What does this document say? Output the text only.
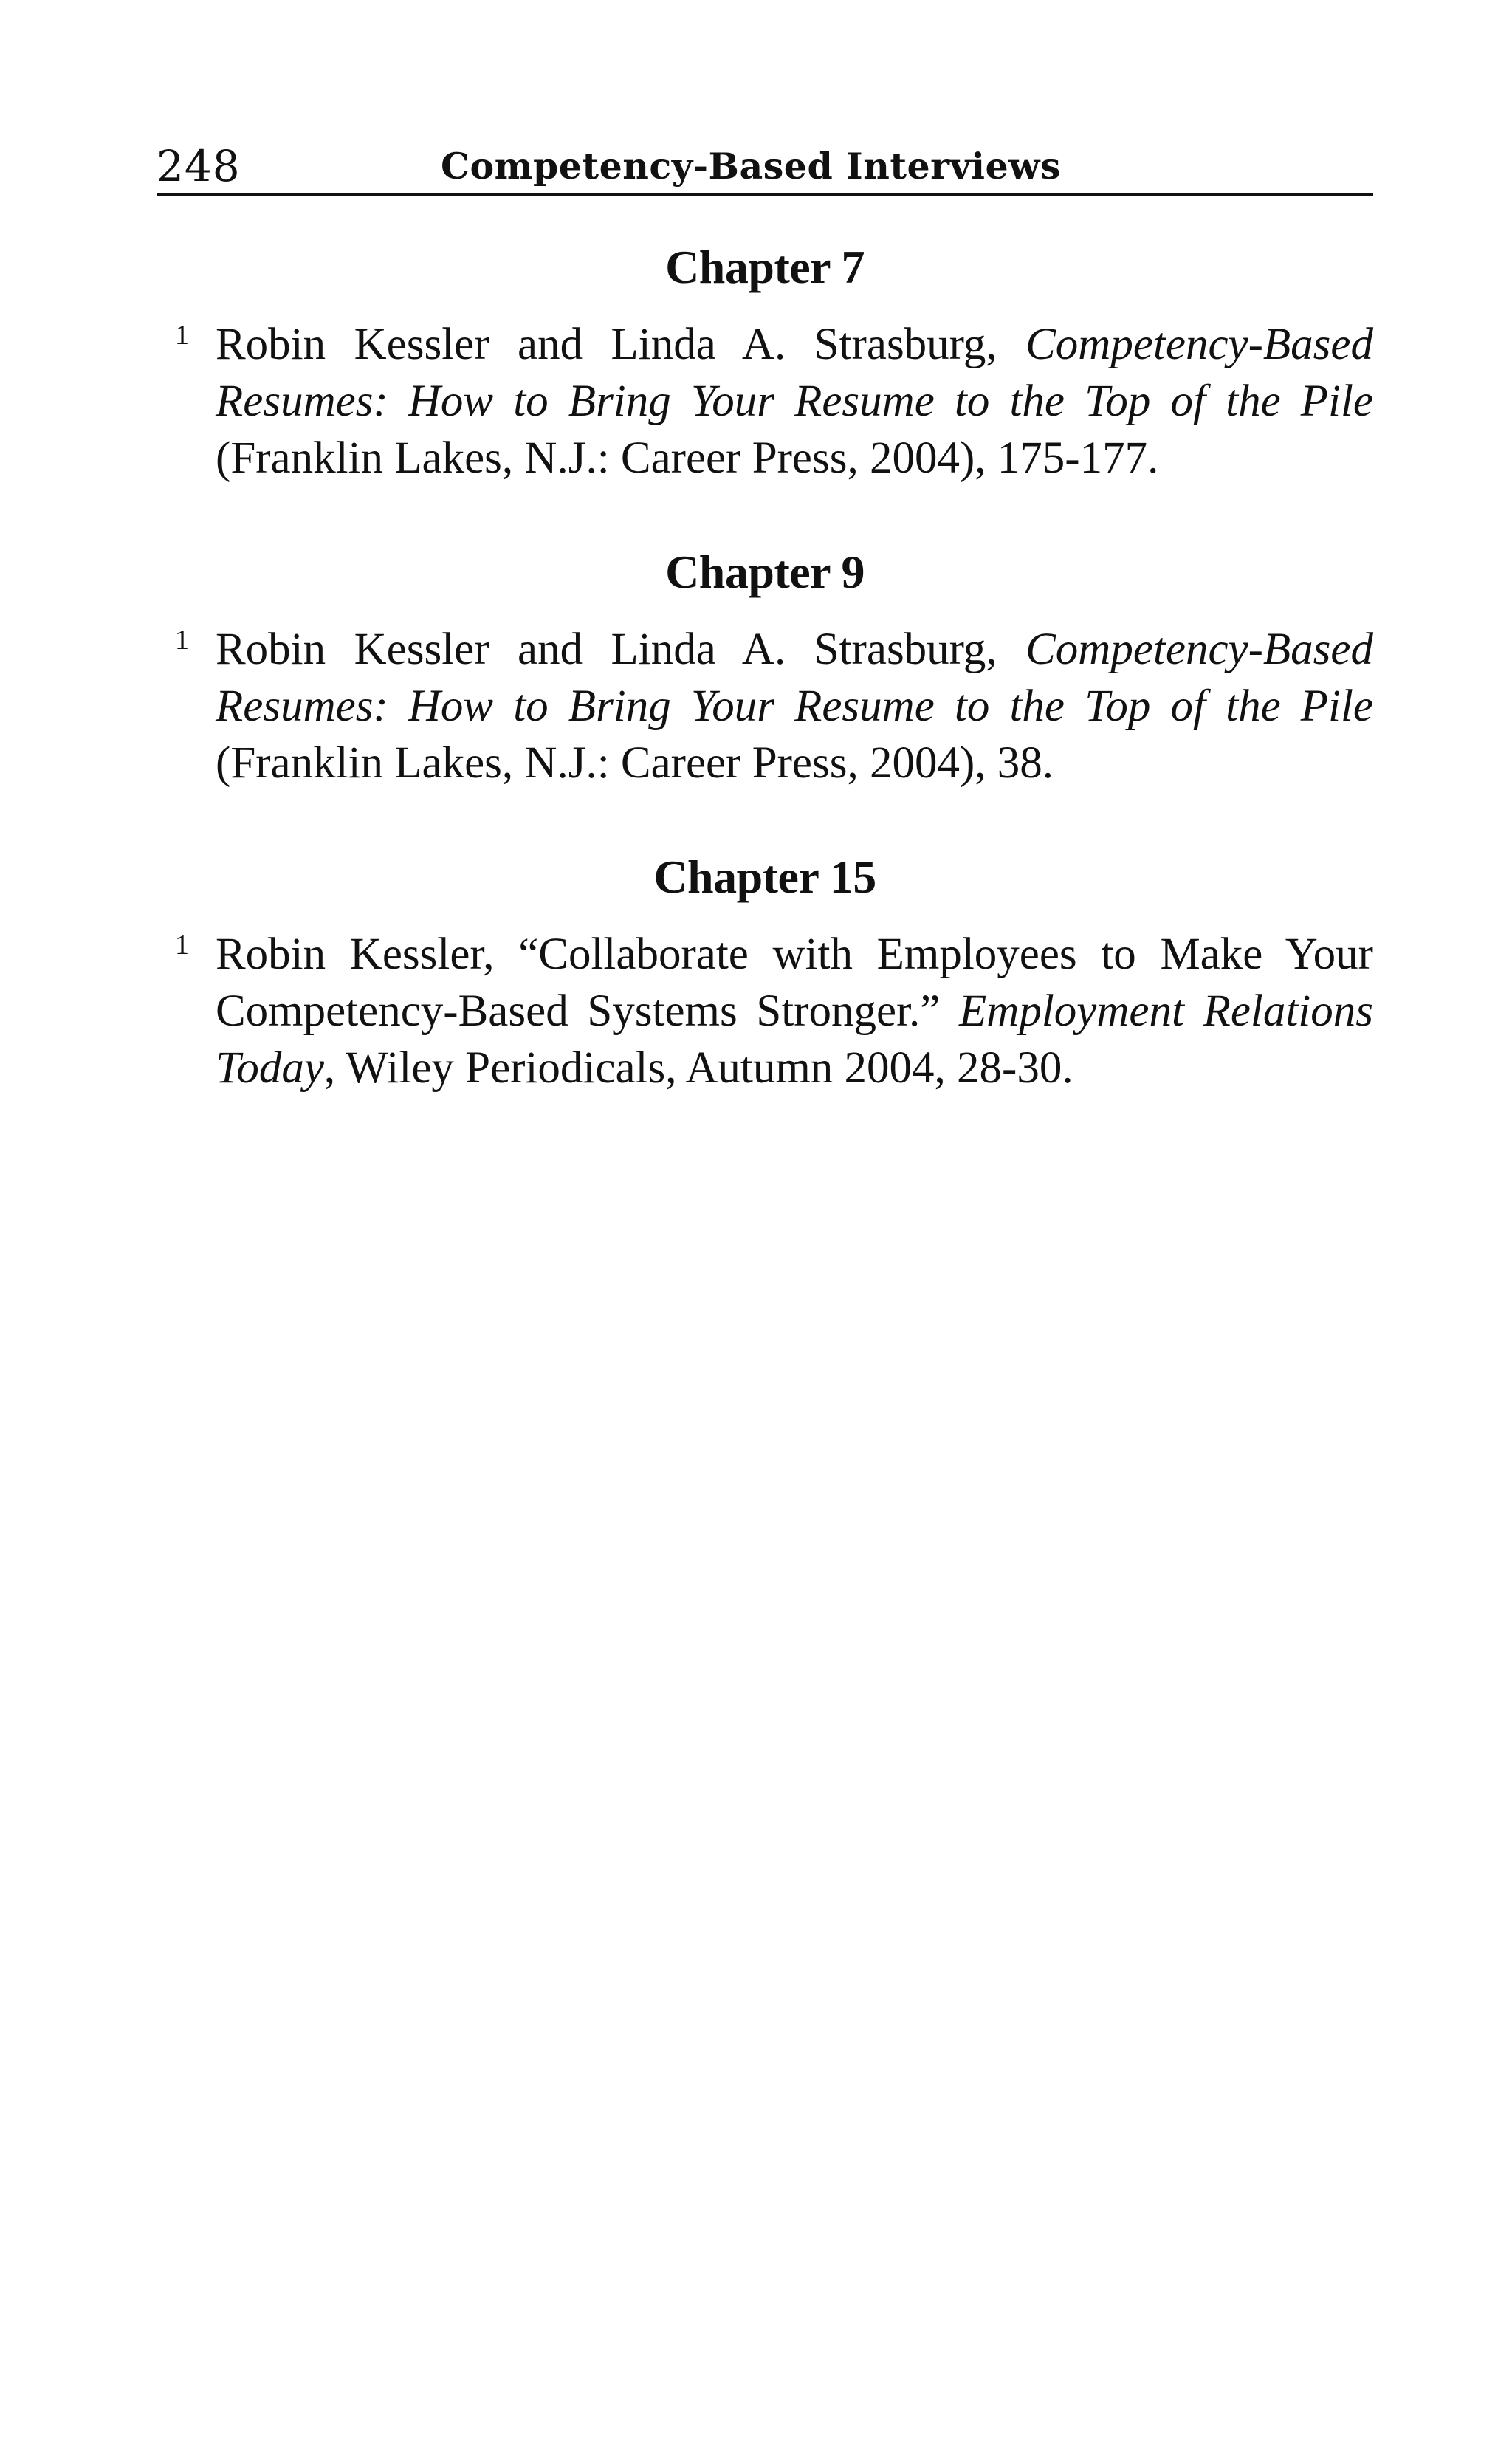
248	Competency-Based Interviews
Chapter 7
1 Robin Kessler and Linda A. Strasburg, Competency-Based Resumes: How to Bring Your Resume to the Top of the Pile (Franklin Lakes, N.J.: Career Press, 2004), 175-177.
Chapter 9
1 Robin Kessler and Linda A. Strasburg, Competency-Based Resumes: How to Bring Your Resume to the Top of the Pile (Franklin Lakes, N.J.: Career Press, 2004), 38.
Chapter 15
1 Robin Kessler, “Collaborate with Employees to Make Your Competency-Based Systems Stronger.” Employment Relations Today, Wiley Periodicals, Autumn 2004, 28-30.
